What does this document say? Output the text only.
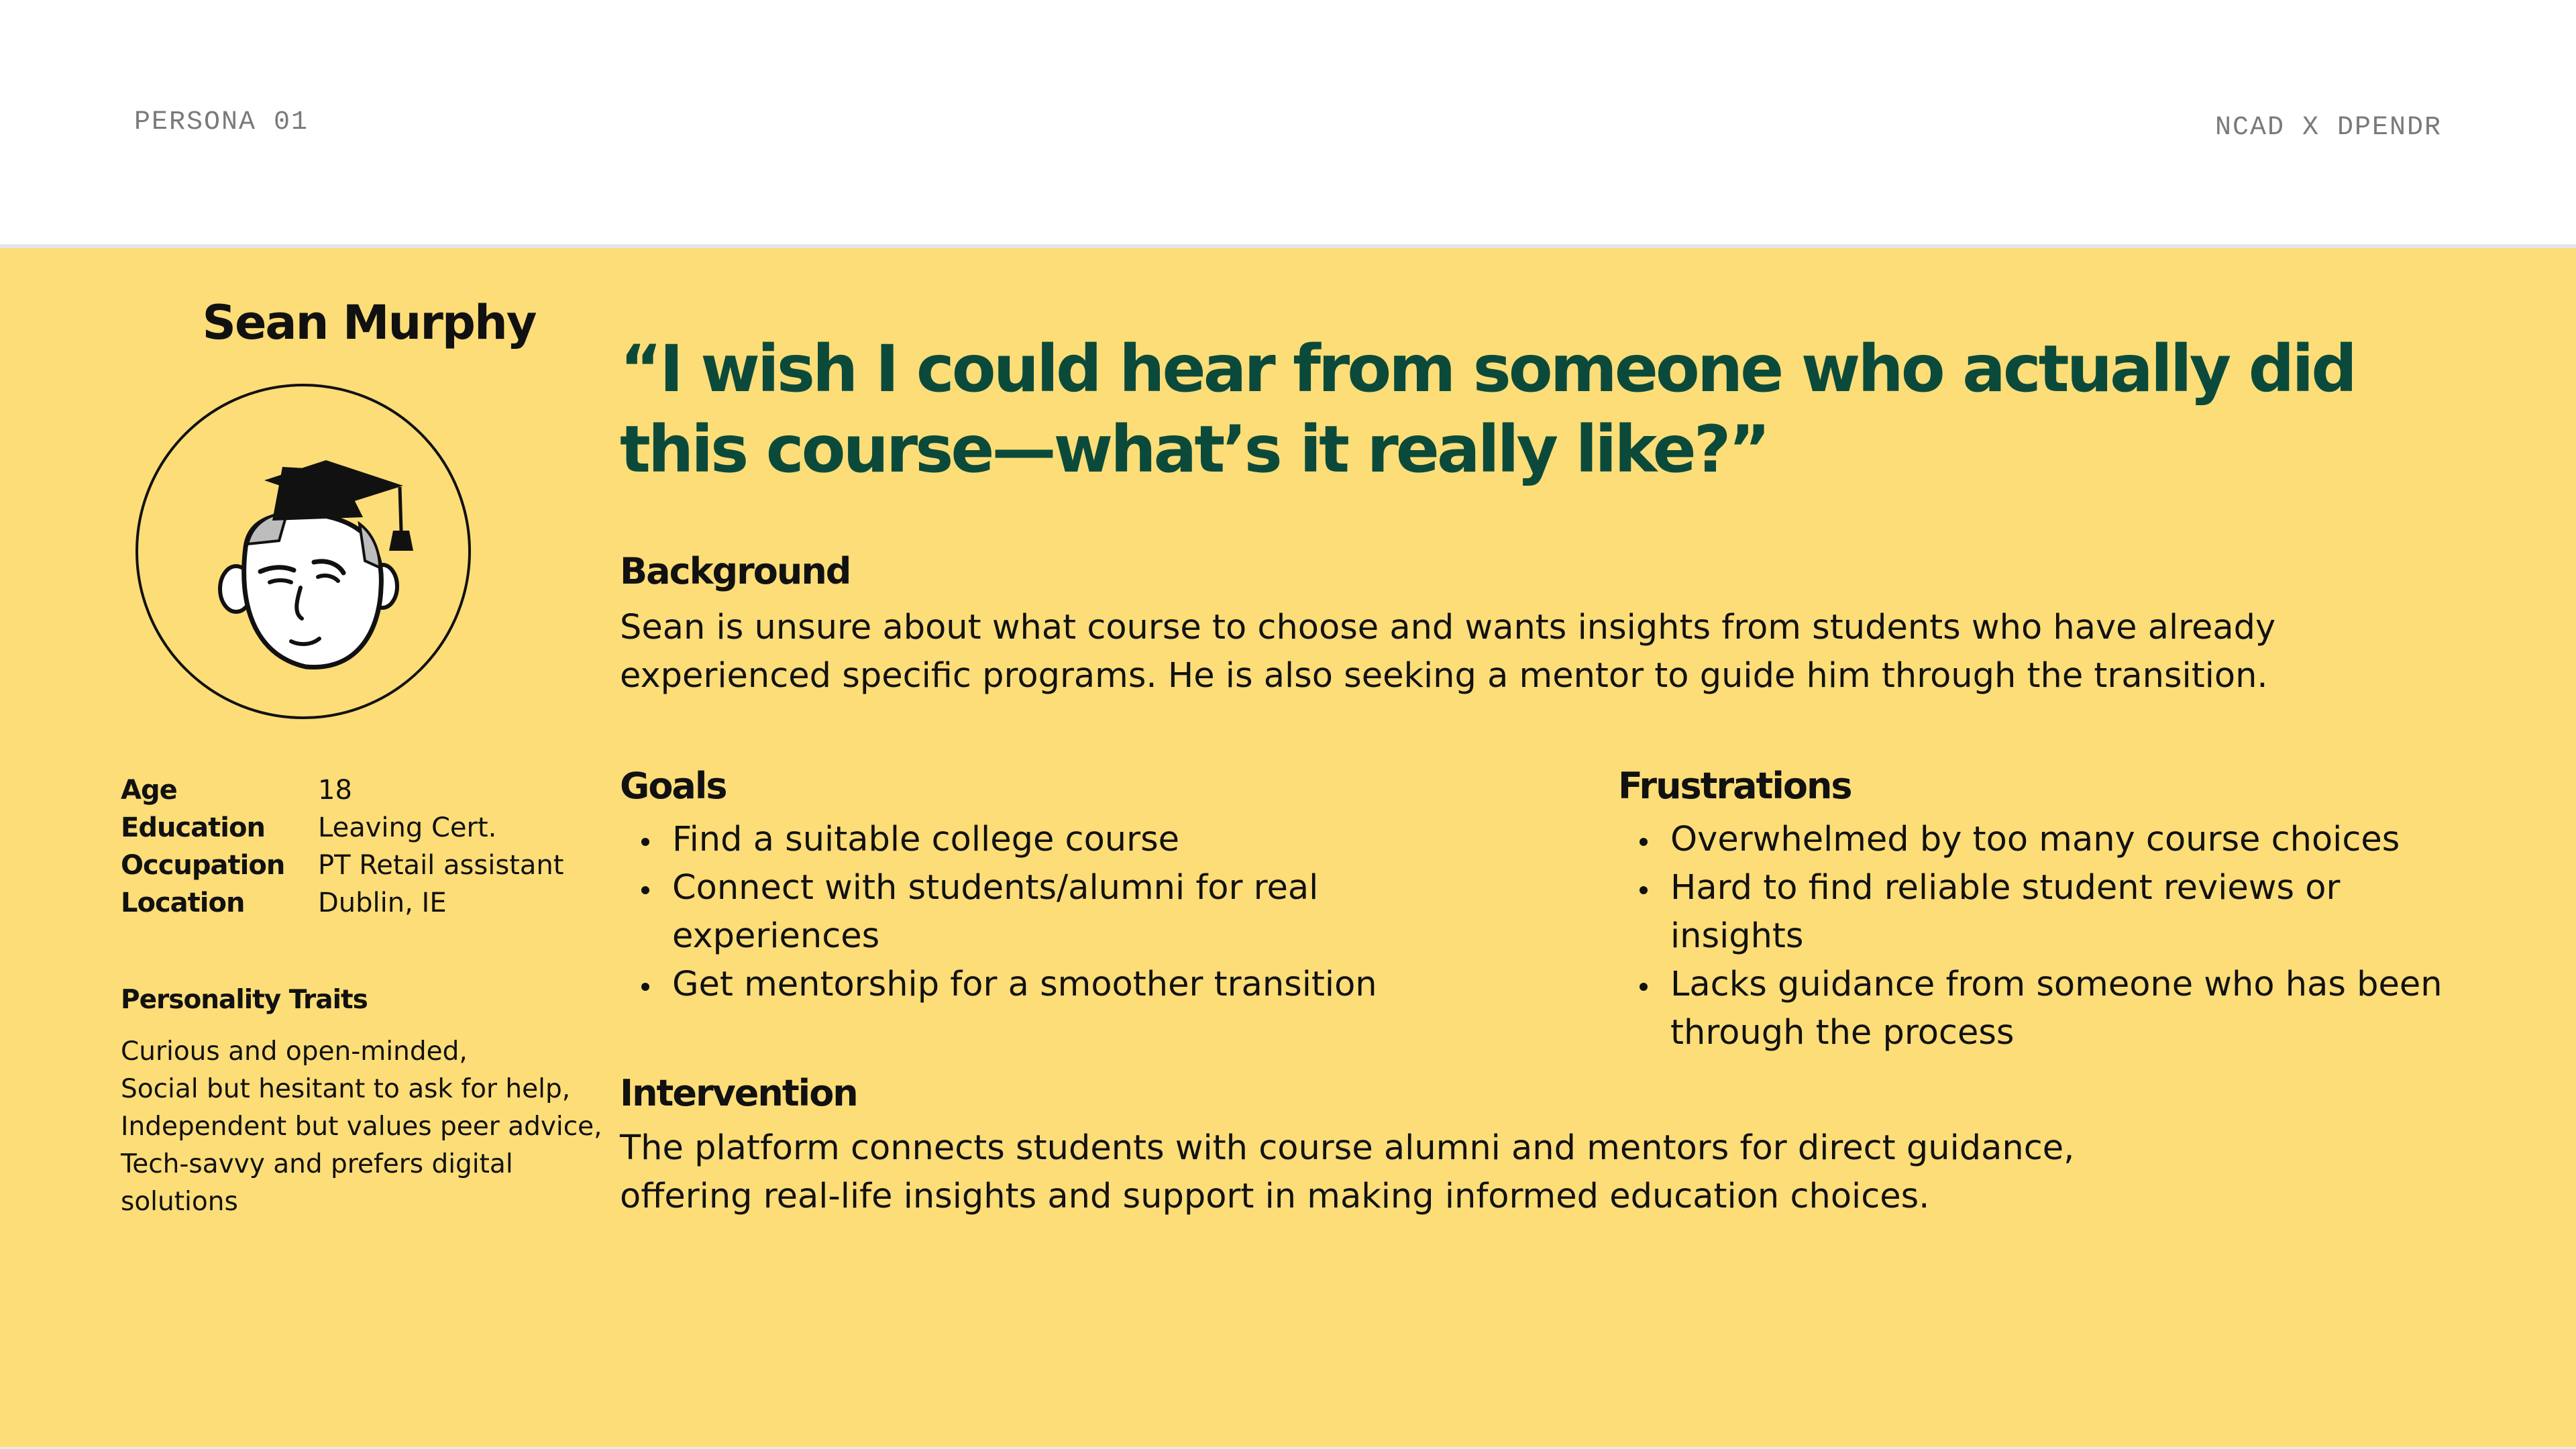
PERSONA 01	NCAD X DPENDR
Sean Murphy
Age	18
Education	Leaving Cert.
Occupation	PT Retail assistant
Location	Dublin, IE
Personality Traits
Curious and open-minded,
Social but hesitant to ask for help,
Independent but values peer advice,
Tech-savvy and prefers digital
solutions
“I wish I could hear from someone who actually did this course—what’s it really like?”
Background
Sean is unsure about what course to choose and wants insights from students who have already experienced specific programs. He is also seeking a mentor to guide him through the transition.
Goals
Find a suitable college course
Connect with students/alumni for real experiences
Get mentorship for a smoother transition
Frustrations
Overwhelmed by too many course choices
Hard to find reliable student reviews or insights
Lacks guidance from someone who has been through the process
Intervention
The platform connects students with course alumni and mentors for direct guidance, offering real-life insights and support in making informed education choices.
